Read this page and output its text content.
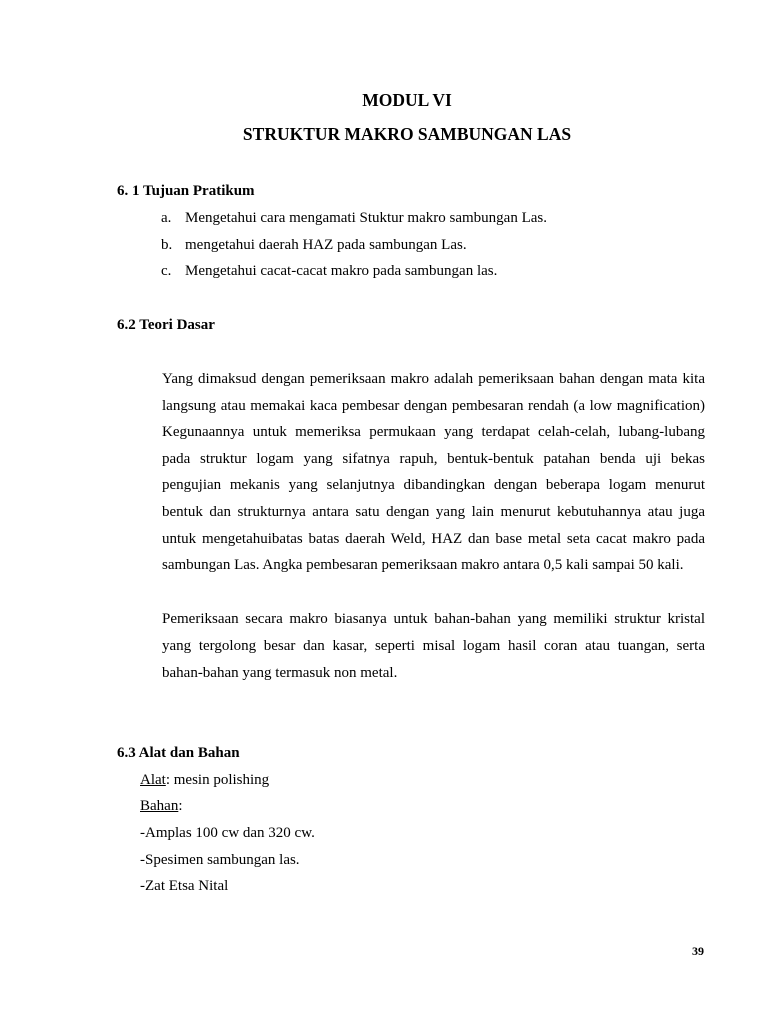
MODUL VI
STRUKTUR MAKRO SAMBUNGAN LAS
6. 1 Tujuan Pratikum
a. Mengetahui cara mengamati Stuktur makro sambungan Las.
b. mengetahui daerah HAZ pada sambungan Las.
c. Mengetahui cacat-cacat makro pada sambungan las.
6.2 Teori Dasar
Yang dimaksud dengan pemeriksaan makro adalah pemeriksaan bahan dengan mata kita
langsung atau memakai kaca pembesar dengan pembesaran rendah (a low magnification)
Kegunaannya untuk memeriksa permukaan yang terdapat celah-celah, lubang-lubang
pada struktur logam yang sifatnya rapuh, bentuk-bentuk patahan benda uji bekas
pengujian mekanis yang selanjutnya dibandingkan dengan beberapa logam menurut
bentuk dan strukturnya antara satu dengan yang lain menurut kebutuhannya atau juga
untuk mengetahuibatas batas daerah Weld, HAZ dan base metal seta cacat makro pada
sambungan Las. Angka pembesaran pemeriksaan makro antara 0,5 kali sampai 50 kali.
Pemeriksaan secara makro biasanya untuk bahan-bahan yang memiliki struktur kristal
yang tergolong besar dan kasar, seperti misal logam hasil coran atau tuangan, serta
bahan-bahan yang termasuk non metal.
6.3 Alat dan Bahan
Alat: mesin polishing
Bahan:
-Amplas 100 cw dan 320 cw.
-Spesimen sambungan las.
-Zat Etsa Nital
39
